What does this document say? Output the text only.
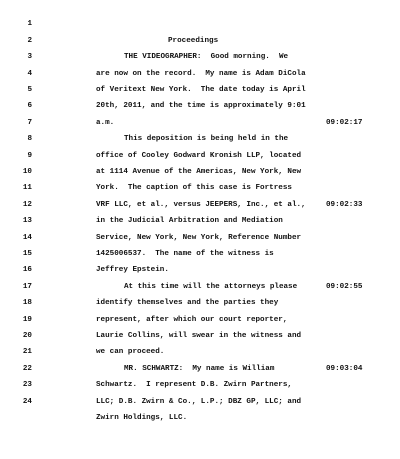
1

Proceedings

2

THE VIDEOGRAPHER:  Good morning.  We

3

are now on the record.  My name is Adam DiCola

4

of Veritext New York.  The date today is April

5

20th, 2011, and the time is approximately 9:01

09:02:17

6

a.m.

7

This deposition is being held in the

8

office of Cooley Godward Kronish LLP, located

9

at 1114 Avenue of the Americas, New York, New

10

York.  The caption of this case is Fortress

09:02:33

11

VRF LLC, et al., versus JEEPERS, Inc., et al.,

12

in the Judicial Arbitration and Mediation

13

Service, New York, New York, Reference Number

14

1425006537.  The name of the witness is

15

Jeffrey Epstein.

09:02:55

16

At this time will the attorneys please

17

identify themselves and the parties they

18

represent, after which our court reporter,

19

Laurie Collins, will swear in the witness and

20

we can proceed.

09:03:04

21

MR. SCHWARTZ:  My name is William

22

Schwartz.  I represent D.B. Zwirn Partners,

23

LLC; D.B. Zwirn & Co., L.P.; DBZ GP, LLC; and

24

Zwirn Holdings, LLC.
